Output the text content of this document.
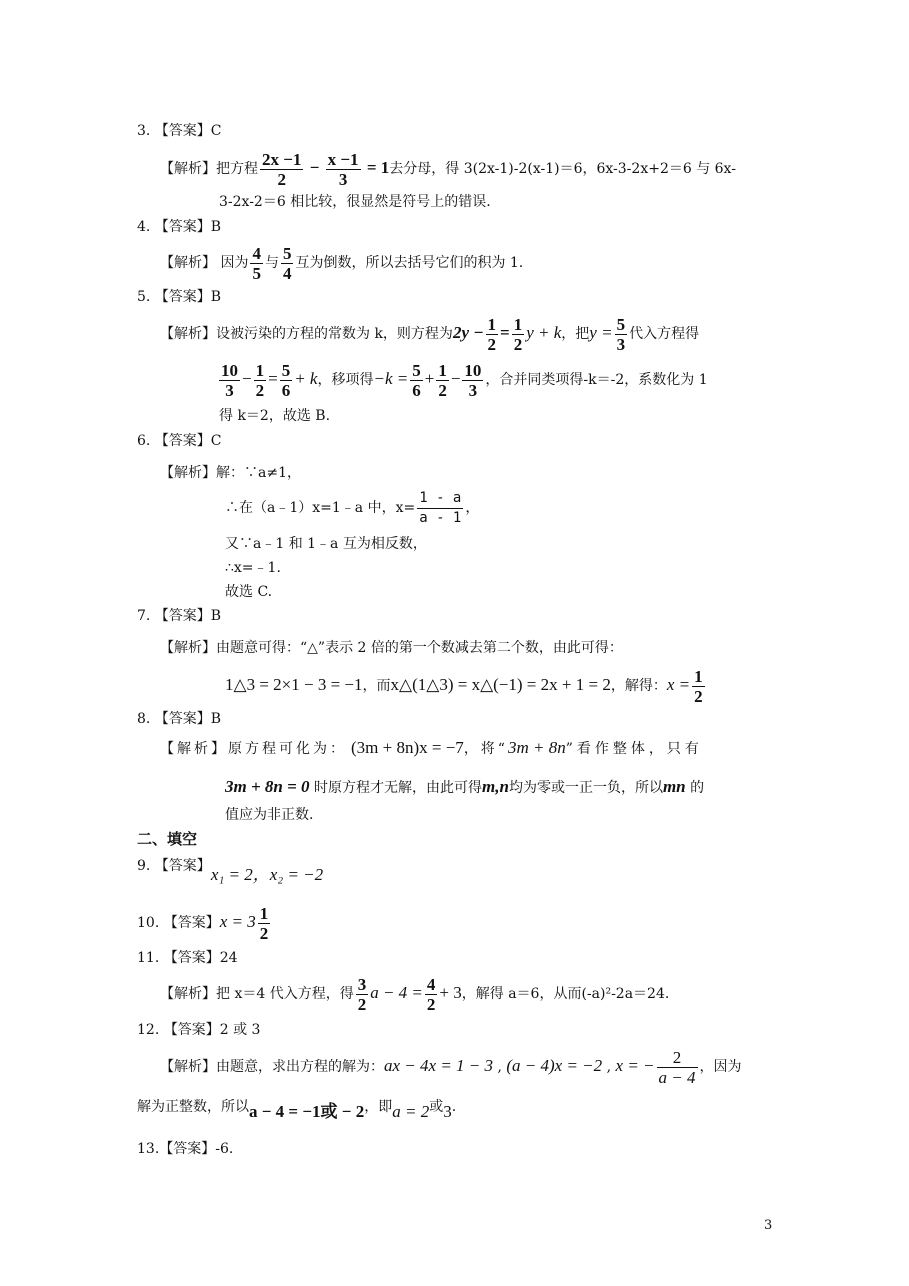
3. 【答案】C
【解析】把方程 $\frac{2x -1}{2} - \frac{x -1}{3} = 1$去分母，得 3(2x-1)-2(x-1)＝6，6x-3-2x+2＝6 与 6x-
3-2x-2＝6 相比较，很显然是符号上的错误.
4. 【答案】B
【解析】 因为 $\frac{4}{5}$ 与 $\frac{5}{4}$ 互为倒数，所以去括号它们的积为 1.
5. 【答案】B
【解析】设被污染的方程的常数为 k，则方程为$2y - \frac{1}{2} = \frac{1}{2}$ y + k，把$y = \frac{5}{3}$ 代入方程得
$\frac{10}{3} - \frac{1}{2} = \frac{5}{6} + k$，移项得$-k = \frac{5}{6} + \frac{1}{2} - \frac{10}{3}$ ，合并同类项得-k＝-2，系数化为 1
得 k＝2，故选 B.
6. 【答案】C
【解析】解：∵a≠1，
∴在（a﹣1）x=1﹣a 中，$x= \frac{1 - a}{a - 1}$ ，
又∵a﹣1 和 1﹣a 互为相反数，
∴x=﹣1.
故选 C.
7. 【答案】B
【解析】由题意可得：“△”表示 2 倍的第一个数减去第二个数，由此可得：
1△3 = 2×1 − 3 = −1，而x△(1△3) = x△(−1) = 2x + 1 = 2，解得：$x = \frac{1}{2}$
8. 【答案】B
【解析】原方程可化为： (3m + 8n)x = −7，将“3m + 8n”看作整体，只有
3m + 8n = 0 时原方程才无解，由此可得m,n均为零或一正一负，所以mn 的
值应为非正数.
二、填空
9. 【答案】x₁ = 2，x₂ = −2
10. 【答案】$x = 3 \frac{1}{2}$
11. 【答案】24
【解析】把 x＝4 代入方程，得 $\frac{3}{2}$ $a - 4 = \frac{4}{2} + 3$，解得 a＝6，从而(-a)²-2a＝24.
12. 【答案】2 或 3
【解析】由题意，求出方程的解为：ax − 4x = 1 − 3 , (a − 4)x = −2 , x = − $\frac{2}{a - 4}$ ，因为
解为正整数，所以a − 4 = −1或 − 2，即a = 2或3.
13.【答案】-6.
3
